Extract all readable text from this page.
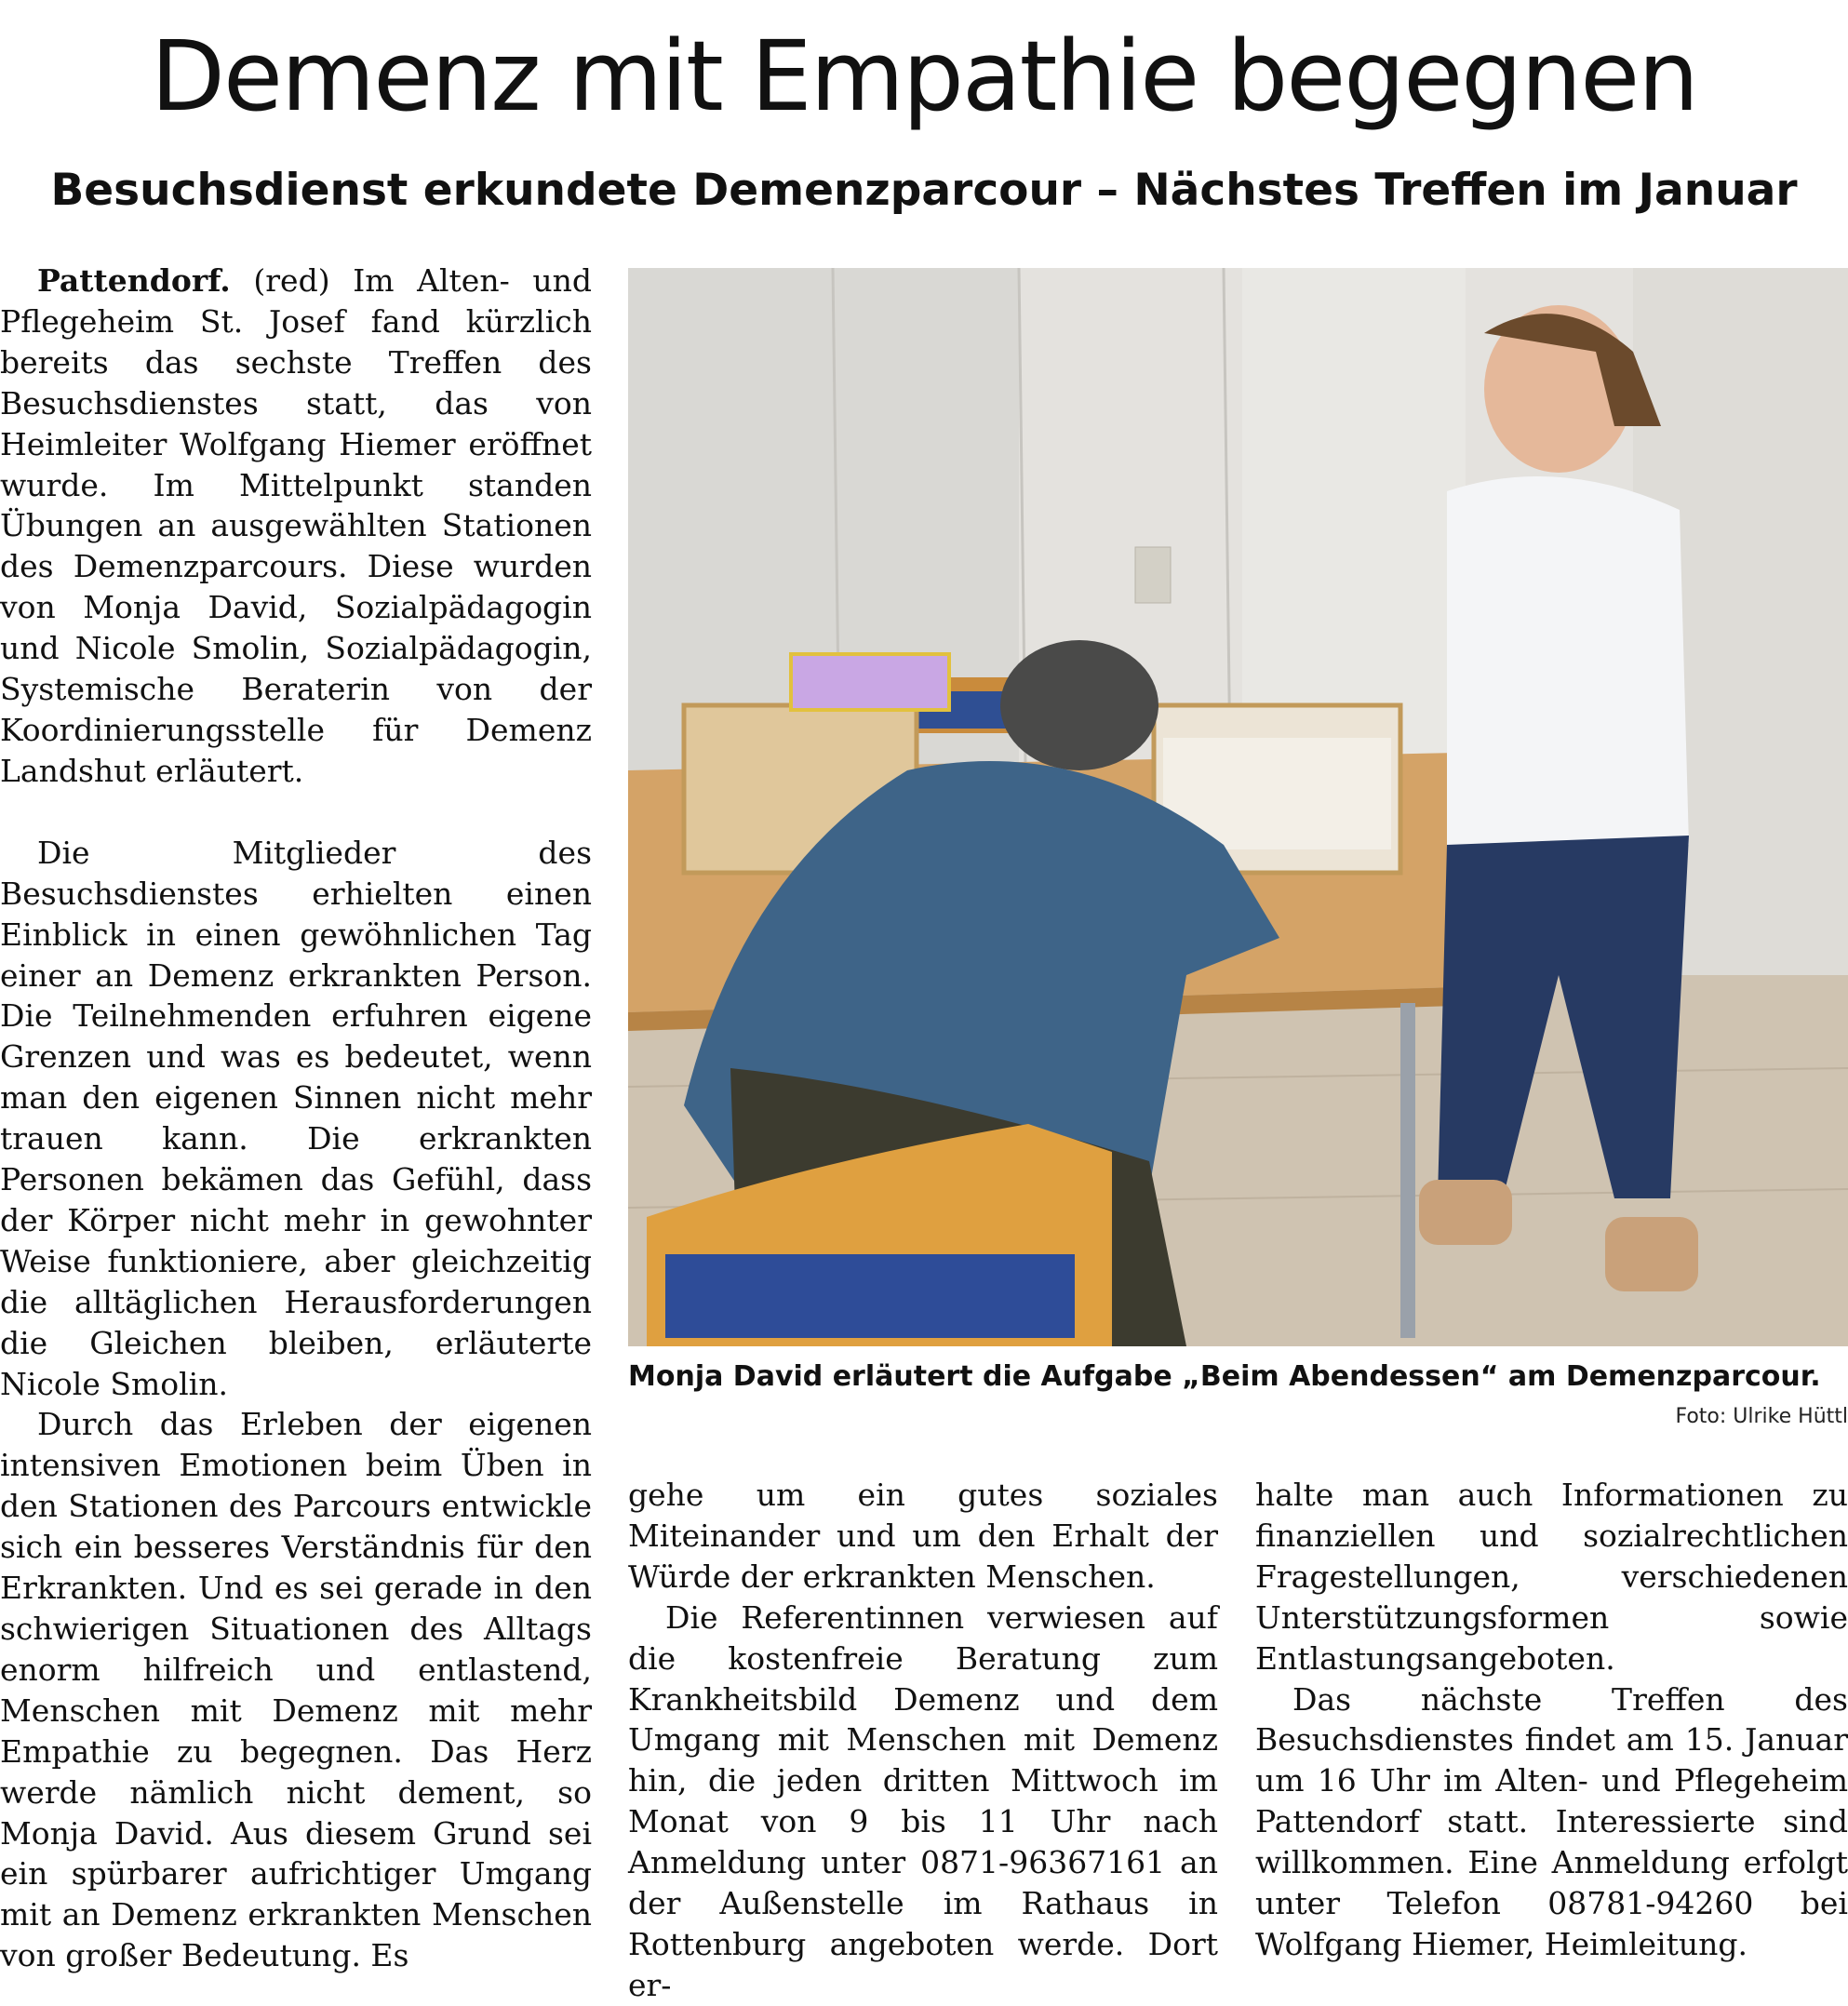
Demenz mit Empathie begegnen
Besuchsdienst erkundete Demenzparcour – Nächstes Treffen im Januar

Pattendorf. (red) Im Alten- und Pflegeheim St. Josef fand kürzlich bereits das sechste Treffen des Besuchsdienstes statt, das von Heimleiter Wolfgang Hiemer eröffnet wurde. Im Mittelpunkt standen Übungen an ausgewählten Stationen des Demenzparcours. Diese wurden von Monja David, Sozialpädagogin und Nicole Smolin, Sozialpädagogin, Systemische Beraterin von der Koordinierungsstelle für Demenz Landshut erläutert.

Die Mitglieder des Besuchsdienstes erhielten einen Einblick in einen gewöhnlichen Tag einer an Demenz erkrankten Person. Die Teilnehmenden erfuhren eigene Grenzen und was es bedeutet, wenn man den eigenen Sinnen nicht mehr trauen kann. Die erkrankten Personen bekämen das Gefühl, dass der Körper nicht mehr in gewohnter Weise funktioniere, aber gleichzeitig die alltäglichen Herausforderungen die Gleichen bleiben, erläuterte Nicole Smolin.

Durch das Erleben der eigenen intensiven Emotionen beim Üben in den Stationen des Parcours entwickle sich ein besseres Verständnis für den Erkrankten. Und es sei gerade in den schwierigen Situationen des Alltags enorm hilfreich und entlastend, Menschen mit Demenz mit mehr Empathie zu begegnen. Das Herz werde nämlich nicht dement, so Monja David. Aus diesem Grund sei ein spürbarer aufrichtiger Umgang mit an Demenz erkrankten Menschen von großer Bedeutung. Es

Monja David erläutert die Aufgabe „Beim Abendessen“ am Demenzparcour.

Foto: Ulrike Hüttl

gehe um ein gutes soziales Miteinander und um den Erhalt der Würde der erkrankten Menschen.

Die Referentinnen verwiesen auf die kostenfreie Beratung zum Krankheitsbild Demenz und dem Umgang mit Menschen mit Demenz hin, die jeden dritten Mittwoch im Monat von 9 bis 11 Uhr nach Anmeldung unter 0871-96367161 an der Außenstelle im Rathaus in Rottenburg angeboten werde. Dort er-

halte man auch Informationen zu finanziellen und sozialrechtlichen Fragestellungen, verschiedenen Unterstützungsformen sowie Entlastungsangeboten.

Das nächste Treffen des Besuchsdienstes findet am 15. Januar um 16 Uhr im Alten- und Pflegeheim Pattendorf statt. Interessierte sind willkommen. Eine Anmeldung erfolgt unter Telefon 08781-94260 bei Wolfgang Hiemer, Heimleitung.
